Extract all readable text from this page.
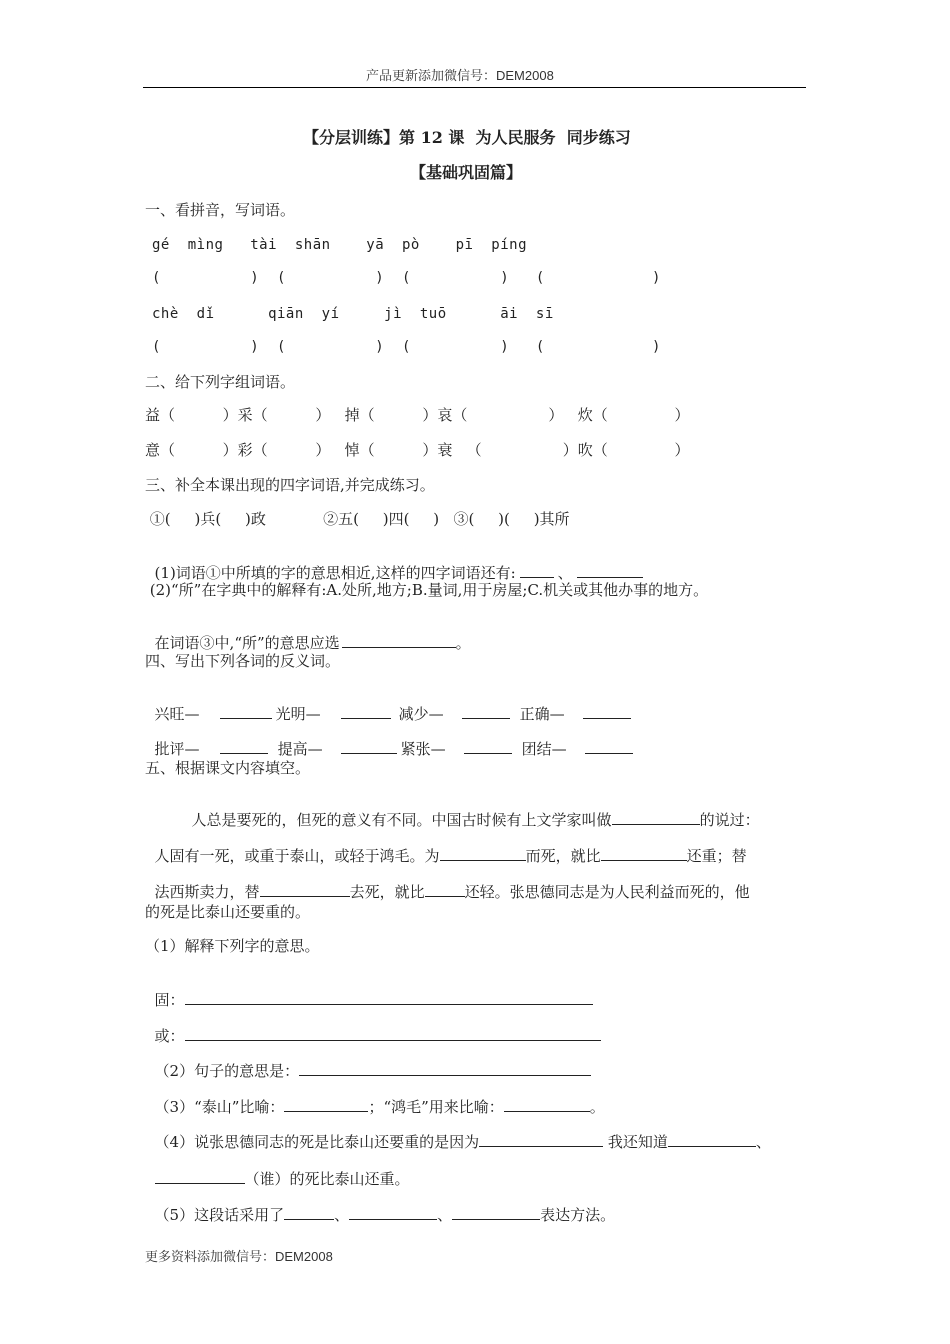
产品更新添加微信号：DEM2008
【分层训练】第 12 课  为人民服务  同步练习
【基础巩固篇】
一、看拼音，写词语。
gé  mìng   tài  shān    yā  pò    pī  píng
(          )  (          )  (          )   (            )
chè  dǐ      qiān  yí     jì  tuō      āi  sī
(          )  (          )  (          )   (            )
二、给下列字组词语。
益（          ）采（          ）   掉（          ）哀（                 ）   炊（              ）
意（          ）彩（          ）   悼（          ）衰   （                 ）吹（              ）
三、补全本课出现的四字词语,并完成练习。
①(     )兵(     )政            ②五(     )四(     )   ③(     )(     )其所

(1)词语①中所填的字的意思相近,这样的四字词语还有:	、

(2)“所”在字典中的解释有:A.处所,地方;B.量词,用于房屋;C.机关或其他办事的地方。

在词语③中,“所”的意思应选	。

四、写出下列各词的反义词。

兴旺—	光明—	减少—	正确—

批评—	提高—	紧张—	团结—

五、根据课文内容填空。

人总是要死的，但死的意义有不同。中国古时候有上文学家叫做	的说过：

人固有一死，或重于泰山，或轻于鸿毛。为	而死，就比	还重；替

法西斯卖力，替	去死，就比	还轻。张思德同志是为人民利益而死的，他

的死是比泰山还要重的。
（1）解释下列字的意思。

固：

或：

（2）句子的意思是：

（3）“泰山”比喻：	；“鸿毛”用来比喻：	。

（4）说张思德同志的死是比泰山还要重的是因为	我还知道	、

（谁）的死比泰山还重。

（5）这段话采用了	、	、	表达方法。

更多资料添加微信号：DEM2008
